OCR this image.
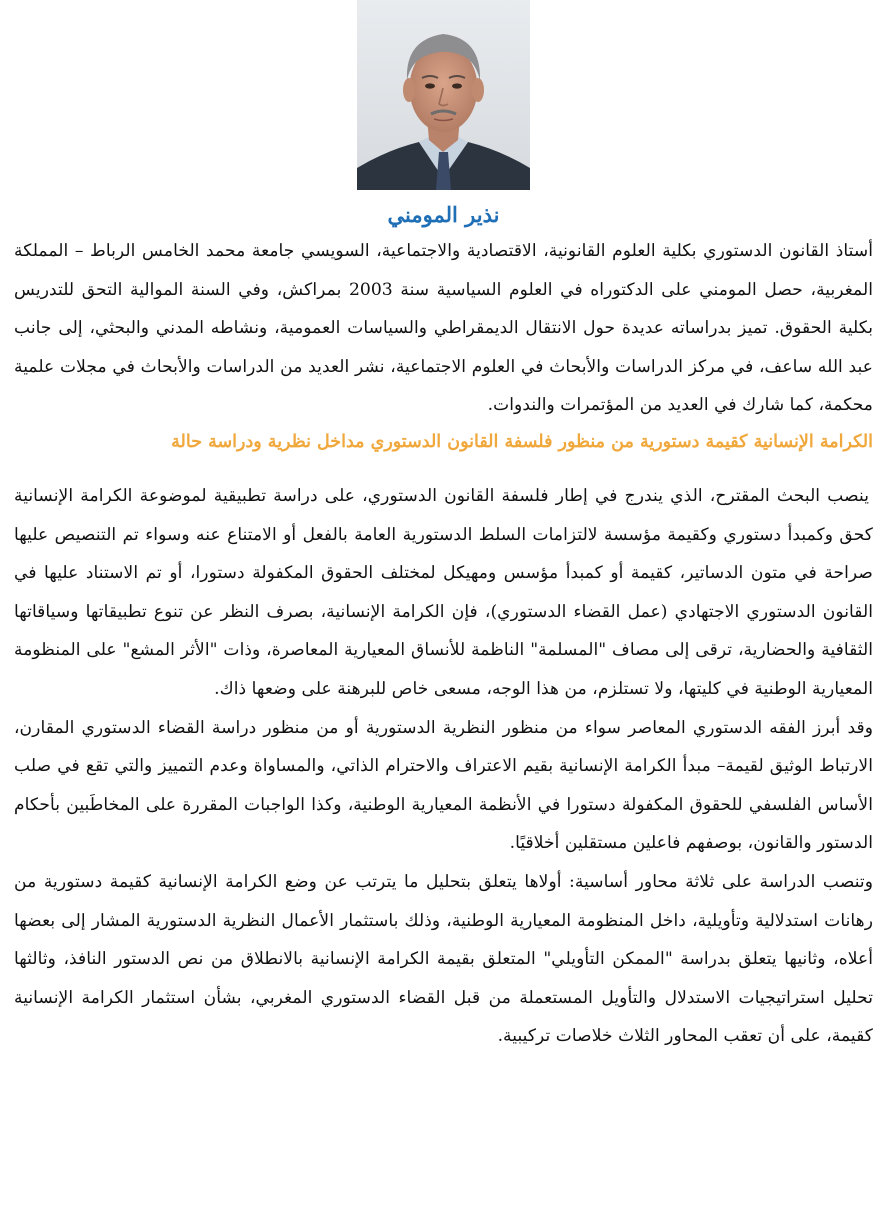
نذير المومني

أستاذ القانون الدستوري بكلية العلوم القانونية، الاقتصادية والاجتماعية، السويسي جامعة محمد الخامس الرباط – المملكة المغربية، حصل المومني على الدكتوراه في العلوم السياسية سنة 2003 بمراكش، وفي السنة الموالية التحق للتدريس بكلية الحقوق. تميز بدراساته عديدة حول الانتقال الديمقراطي والسياسات العمومية، ونشاطه المدني والبحثي، إلى جانب عبد الله ساعف، في مركز الدراسات والأبحاث في العلوم الاجتماعية، نشر العديد من الدراسات والأبحاث في مجلات علمية محكمة، كما شارك في العديد من المؤتمرات والندوات.

الكرامة الإنسانية كقيمة دستورية من منظور فلسفة القانون الدستوري مداخل نظرية ودراسة حالة

ينصب البحث المقترح، الذي يندرج في إطار فلسفة القانون الدستوري، على دراسة تطبيقية لموضوعة الكرامة الإنسانية كحق وكمبدأ دستوري وكقيمة مؤسسة لالتزامات السلط الدستورية العامة بالفعل أو الامتناع عنه وسواء تم التنصيص عليها صراحة في متون الدساتير، كقيمة أو كمبدأ مؤسس ومهيكل لمختلف الحقوق المكفولة دستورا، أو تم الاستناد عليها في القانون الدستوري الاجتهادي (عمل القضاء الدستوري)، فإن الكرامة الإنسانية، بصرف النظر عن تنوع تطبيقاتها وسياقاتها الثقافية والحضارية، ترقى إلى مصاف "المسلمة" الناظمة للأنساق المعيارية المعاصرة، وذات "الأثر المشع" على المنظومة المعيارية الوطنية في كليتها، ولا تستلزم، من هذا الوجه، مسعى خاص للبرهنة على وضعها ذاك.

وقد أبرز الفقه الدستوري المعاصر سواء من منظور النظرية الدستورية أو من منظور دراسة القضاء الدستوري المقارن، الارتباط الوثيق لقيمة– مبدأ الكرامة الإنسانية بقيم الاعتراف والاحترام الذاتي، والمساواة وعدم التمييز والتي تقع في صلب الأساس الفلسفي للحقوق المكفولة دستورا في الأنظمة المعيارية الوطنية، وكذا الواجبات المقررة على المخاطَبين بأحكام الدستور والقانون، بوصفهم فاعلين مستقلين أخلاقيًا.

وتنصب الدراسة على ثلاثة محاور أساسية: أولاها يتعلق بتحليل ما يترتب عن وضع الكرامة الإنسانية كقيمة دستورية من رهانات استدلالية وتأويلية، داخل المنظومة المعيارية الوطنية، وذلك باستثمار الأعمال النظرية الدستورية المشار إلى بعضها أعلاه، وثانيها يتعلق بدراسة "الممكن التأويلي" المتعلق بقيمة الكرامة الإنسانية بالانطلاق من نص الدستور النافذ، وثالثها تحليل استراتيجيات الاستدلال والتأويل المستعملة من قبل القضاء الدستوري المغربي، بشأن استثمار الكرامة الإنسانية كقيمة، على أن تعقب المحاور الثلاث خلاصات تركيبية.
